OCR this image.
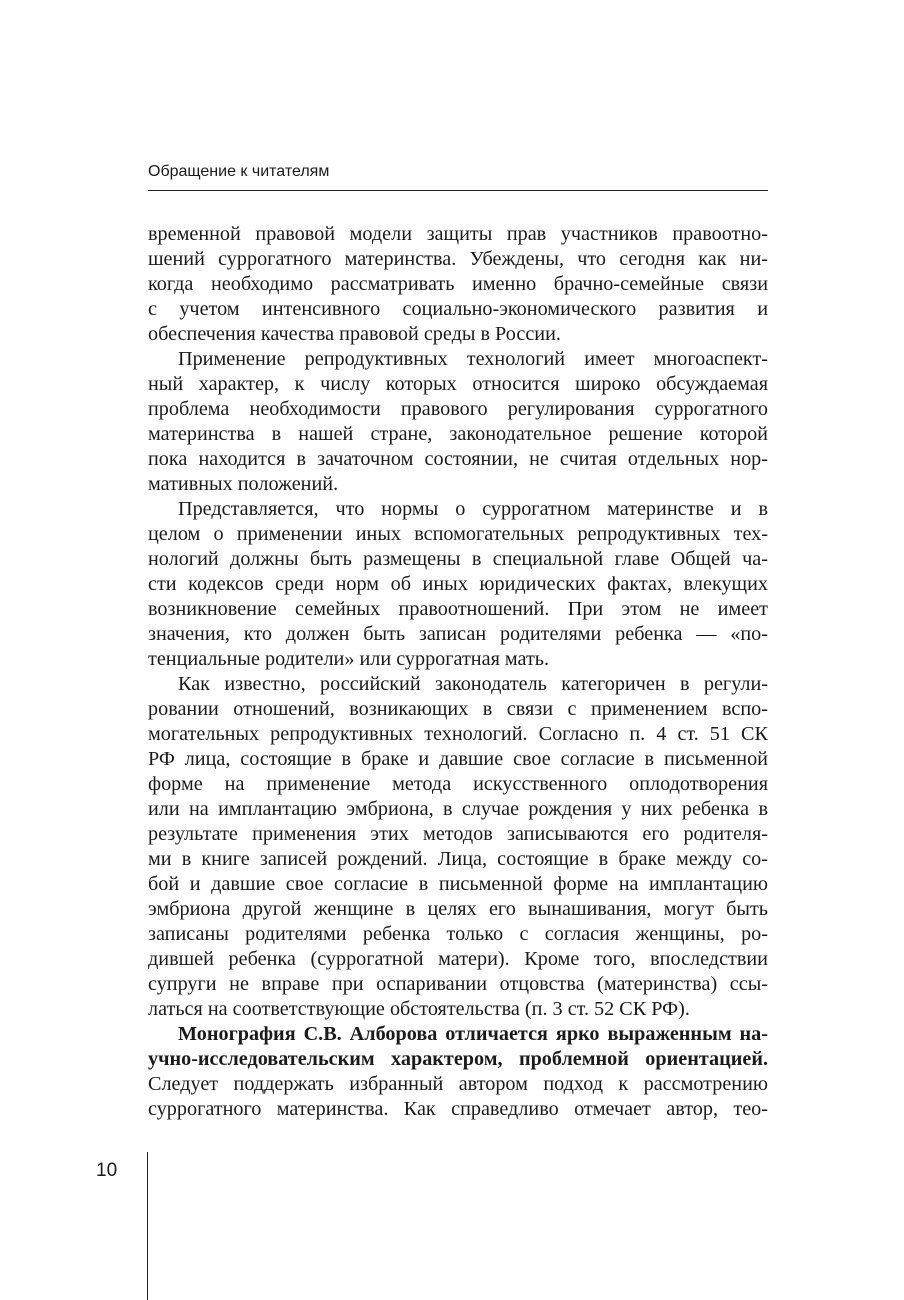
Обращение к читателям
временной правовой модели защиты прав участников правоотно-
шений суррогатного материнства. Убеждены, что сегодня как ни-
когда необходимо рассматривать именно брачно-семейные связи
с учетом интенсивного социально-экономического развития и
обеспечения качества правовой среды в России.
Применение репродуктивных технологий имеет многоаспект-
ный характер, к числу которых относится широко обсуждаемая
проблема необходимости правового регулирования суррогатного
материнства в нашей стране, законодательное решение которой
пока находится в зачаточном состоянии, не считая отдельных нор-
мативных положений.
Представляется, что нормы о суррогатном материнстве и в
целом о применении иных вспомогательных репродуктивных тех-
нологий должны быть размещены в специальной главе Общей ча-
сти кодексов среди норм об иных юридических фактах, влекущих
возникновение семейных правоотношений. При этом не имеет
значения, кто должен быть записан родителями ребенка — «по-
тенциальные родители» или суррогатная мать.
Как известно, российский законодатель категоричен в регули-
ровании отношений, возникающих в связи с применением вспо-
могательных репродуктивных технологий. Согласно п. 4 ст. 51 СК
РФ лица, состоящие в браке и давшие свое согласие в письменной
форме на применение метода искусственного оплодотворения
или на имплантацию эмбриона, в случае рождения у них ребенка в
результате применения этих методов записываются его родителя-
ми в книге записей рождений. Лица, состоящие в браке между со-
бой и давшие свое согласие в письменной форме на имплантацию
эмбриона другой женщине в целях его вынашивания, могут быть
записаны родителями ребенка только с согласия женщины, ро-
дившей ребенка (суррогатной матери). Кроме того, впоследствии
супруги не вправе при оспаривании отцовства (материнства) ссы-
латься на соответствующие обстоятельства (п. 3 ст. 52 СК РФ).
Монография С.В. Алборова отличается ярко выраженным на-
учно-исследовательским характером, проблемной ориентацией.
Следует поддержать избранный автором подход к рассмотрению
суррогатного материнства. Как справедливо отмечает автор, тео-
10
